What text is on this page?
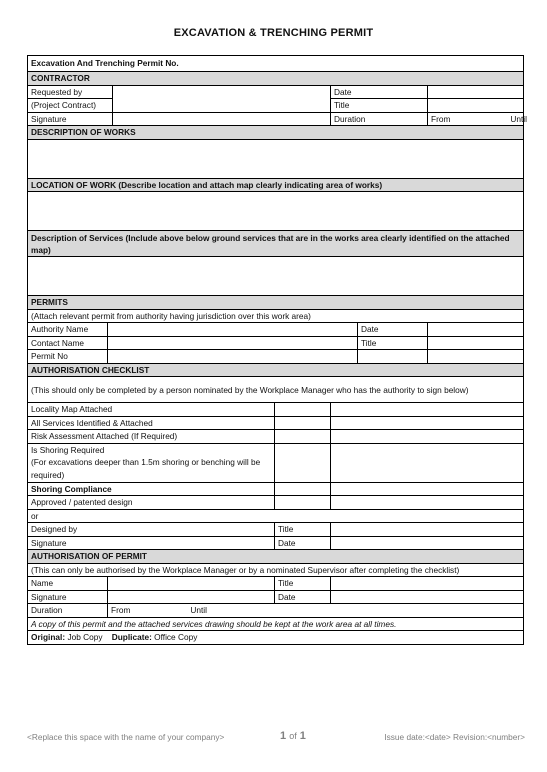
EXCAVATION & TRENCHING PERMIT
Excavation And Trenching Permit No.						
CONTRACTOR						
Requested by				Date		
(Project Contract)				Title		
Signature				Duration		From Until
DESCRIPTION OF WORKS						

LOCATION OF WORK (Describe location and attach map clearly indicating area of works)						

Description of Services (Include above below ground services that are in the works area clearly identified on the attached map)						

PERMITS						
(Attach relevant permit from authority having jurisdiction over this work area)						
Authority Name					Date	
Contact Name					Title	
Permit No						
AUTHORISATION CHECKLIST						
(This should only be completed by a person nominated by the Workplace Manager who has the authority to sign below)						
Locality Map Attached						
All Services Identified & Attached						
Risk Assessment Attached (If Required)						
Is Shoring Required
(For excavations deeper than 1.5m shoring or benching will be required)						
Shoring Compliance						
Approved / patented design						
or						
Designed by			Title			
Signature			Date			
AUTHORISATION OF PERMIT						
(This can only be authorised by the Workplace Manager or by a nominated Supervisor after completing the checklist)						
Name			Title			
Signature			Date			
Duration	From Until					
A copy of this permit and the attached services drawing should be kept at the work area at all times.						
Original: Job Copy Duplicate: Office Copy						
<Replace this space with the name of your company>	1 of 1	Issue date:<date> Revision:<number>
